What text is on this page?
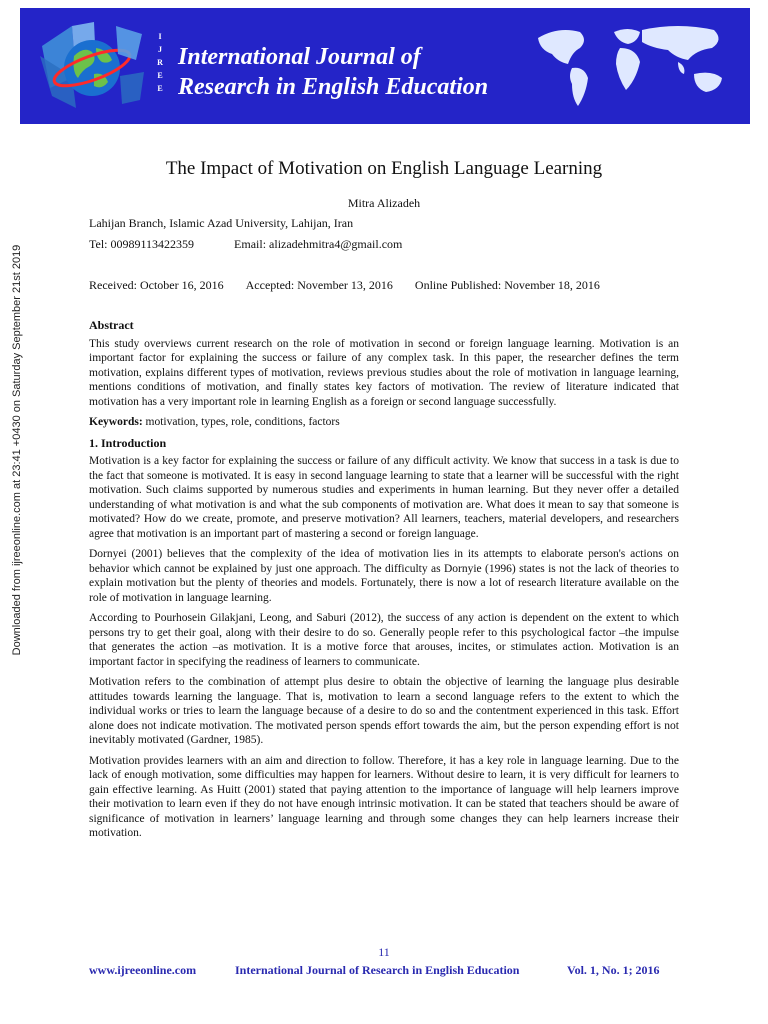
I
J
R
E
E
International Journal of
Research in English Education
Downloaded from ijreeonline.com at 23:41 +0430 on Saturday September 21st 2019
The Impact of Motivation on English Language Learning
Mitra Alizadeh
Lahijan Branch, Islamic Azad University, Lahijan, Iran
Tel: 00989113422359	Email: alizadehmitra4@gmail.com
Received: October 16, 2016 Accepted: November 13, 2016 Online Published: November 18, 2016
Abstract

This study overviews current research on the role of motivation in second or foreign language learning. Motivation is an important factor for explaining the success or failure of any complex task. In this paper, the researcher defines the term motivation, explains different types of motivation, reviews previous studies about the role of motivation in language learning, mentions conditions of motivation, and finally states key factors of motivation. The review of literature indicated that motivation has a very important role in learning English as a foreign or second language successfully.

Keywords: motivation, types, role, conditions, factors

1. Introduction

Motivation is a key factor for explaining the success or failure of any difficult activity. We know that success in a task is due to the fact that someone is motivated. It is easy in second language learning to state that a learner will be successful with the right motivation. Such claims supported by numerous studies and experiments in human learning. But they never offer a detailed understanding of what motivation is and what the sub components of motivation are. What does it mean to say that someone is motivated? How do we create, promote, and preserve motivation? All learners, teachers, material developers, and researchers agree that motivation is an important part of mastering a second or foreign language.

Dornyei (2001) believes that the complexity of the idea of motivation lies in its attempts to elaborate person's actions on behavior which cannot be explained by just one approach. The difficulty as Dornyie (1996) states is not the lack of theories to explain motivation but the plenty of theories and models. Fortunately, there is now a lot of research literature available on the role of motivation in language learning.

According to Pourhosein Gilakjani, Leong, and Saburi (2012), the success of any action is dependent on the extent to which persons try to get their goal, along with their desire to do so. Generally people refer to this psychological factor –the impulse that generates the action –as motivation. It is a motive force that arouses, incites, or stimulates action. Motivation is an important factor in specifying the readiness of learners to communicate.

Motivation refers to the combination of attempt plus desire to obtain the objective of learning the language plus desirable attitudes towards learning the language. That is, motivation to learn a second language refers to the extent to which the individual works or tries to learn the language because of a desire to do so and the contentment experienced in this task. Effort alone does not indicate motivation. The motivated person spends effort towards the aim, but the person expending effort is not inevitably motivated (Gardner, 1985).

Motivation provides learners with an aim and direction to follow. Therefore, it has a key role in language learning. Due to the lack of enough motivation, some difficulties may happen for learners. Without desire to learn, it is very difficult for learners to gain effective learning. As Huitt (2001) stated that paying attention to the importance of language will help learners improve their motivation to learn even if they do not have enough intrinsic motivation. It can be stated that teachers should be aware of significance of motivation in learners’ language learning and through some changes they can help learners increase their motivation.

11
www.ijreeonline.com	International Journal of Research in English Education	Vol. 1, No. 1; 2016
